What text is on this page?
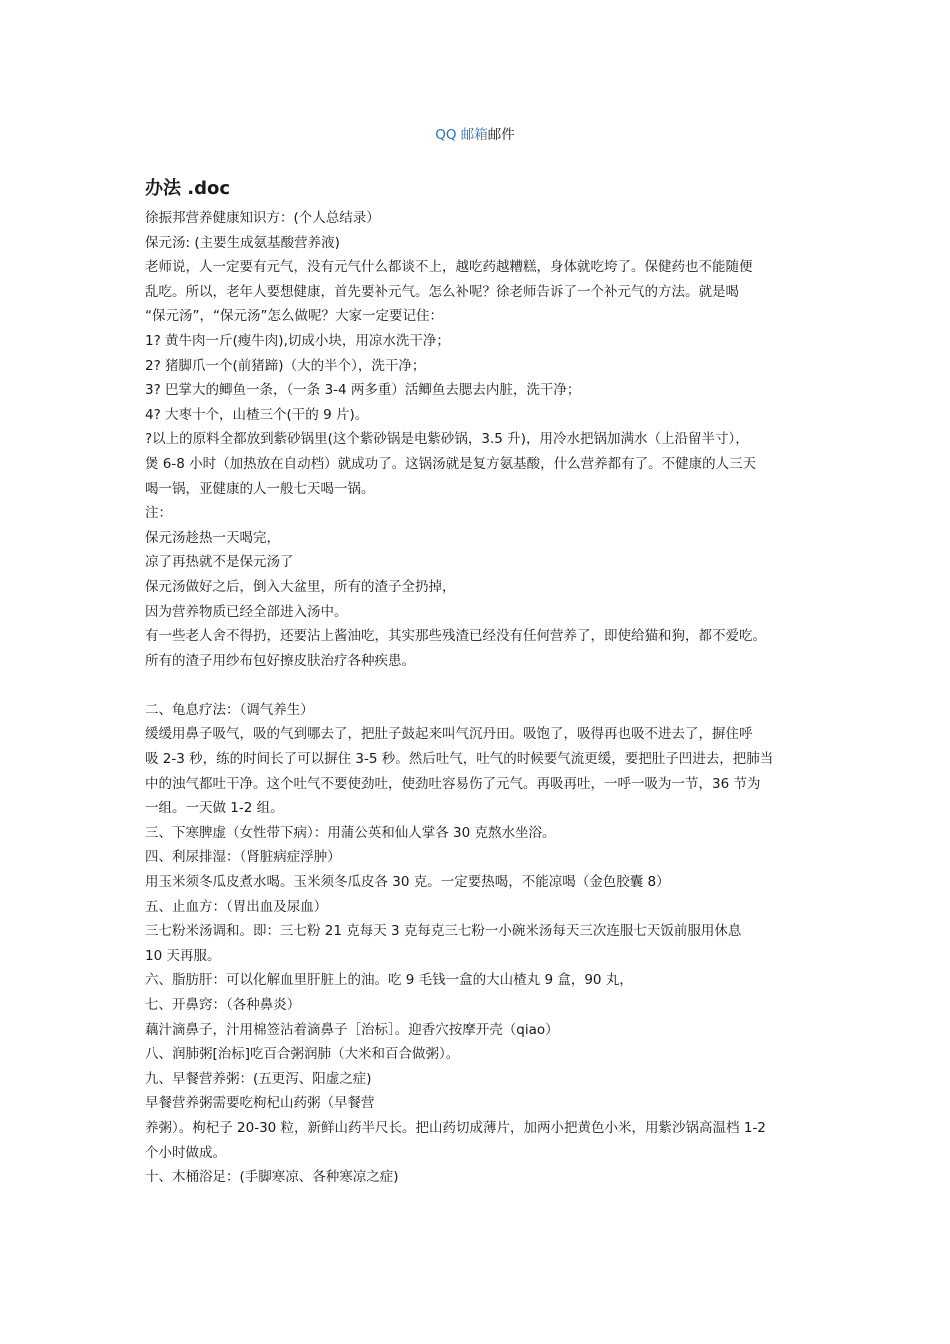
QQ 邮箱邮件
办法 .doc
徐振邦营养健康知识方：(个人总结录）
保元汤: (主要生成氨基酸营养液)
老师说，人一定要有元气，没有元气什么都谈不上，越吃药越糟糕，身体就吃垮了。保健药也不能随便
乱吃。所以，老年人要想健康，首先要补元气。怎么补呢？徐老师告诉了一个补元气的方法。就是喝
“保元汤”，“保元汤”怎么做呢？大家一定要记住：
1? 黄牛肉一斤(瘦牛肉),切成小块，用凉水洗干净；
2? 猪脚爪一个(前猪蹄)（大的半个），洗干净；
3? 巴掌大的鲫鱼一条，（一条 3-4 两多重）活鲫鱼去腮去内脏，洗干净；
4? 大枣十个，山楂三个(干的 9 片)。
?以上的原料全都放到紫砂锅里(这个紫砂锅是电紫砂锅，3.5 升)，用冷水把锅加满水（上沿留半寸），
煲 6-8 小时（加热放在自动档）就成功了。这锅汤就是复方氨基酸，什么营养都有了。不健康的人三天
喝一锅，亚健康的人一般七天喝一锅。
注：
保元汤趁热一天喝完，
凉了再热就不是保元汤了
保元汤做好之后，倒入大盆里，所有的渣子全扔掉，
因为营养物质已经全部进入汤中。
有一些老人舍不得扔，还要沾上酱油吃，其实那些残渣已经没有任何营养了，即使给猫和狗，都不爱吃。
所有的渣子用纱布包好擦皮肤治疗各种疾患。
二、龟息疗法：（调气养生）
缓缓用鼻子吸气，吸的气到哪去了，把肚子鼓起来叫气沉丹田。吸饱了，吸得再也吸不进去了，摒住呼
吸 2-3 秒，练的时间长了可以摒住 3-5 秒。然后吐气，吐气的时候要气流更缓，要把肚子凹进去，把肺当
中的浊气都吐干净。这个吐气不要使劲吐，使劲吐容易伤了元气。再吸再吐，一呼一吸为一节，36 节为
一组。一天做 1-2 组。
三、下寒脾虚（女性带下病）：用蒲公英和仙人掌各 30 克熬水坐浴。
四、利尿排湿：（肾脏病症浮肿）
用玉米须冬瓜皮煮水喝。玉米须冬瓜皮各 30 克。一定要热喝，不能凉喝（金色胶囊 8）
五、止血方：（胃出血及尿血）
三七粉米汤调和。即：三七粉 21 克每天 3 克每克三七粉一小碗米汤每天三次连服七天饭前服用休息
10 天再服。
六、脂肪肝：可以化解血里肝脏上的油。吃 9 毛钱一盒的大山楂丸 9 盒，90 丸，
七、开鼻窍：（各种鼻炎）
藕汁滴鼻子，汁用棉签沾着滴鼻子［治标］。迎香穴按摩开壳（qiao）
八、润肺粥[治标]吃百合粥润肺（大米和百合做粥）。
九、早餐营养粥：(五更泻、阳虚之症)
早餐营养粥需要吃枸杞山药粥（早餐营
养粥）。枸杞子 20-30 粒，新鲜山药半尺长。把山药切成薄片，加两小把黄色小米，用紫沙锅高温档 1-2
个小时做成。
十、木桶浴足：(手脚寒凉、各种寒凉之症)
